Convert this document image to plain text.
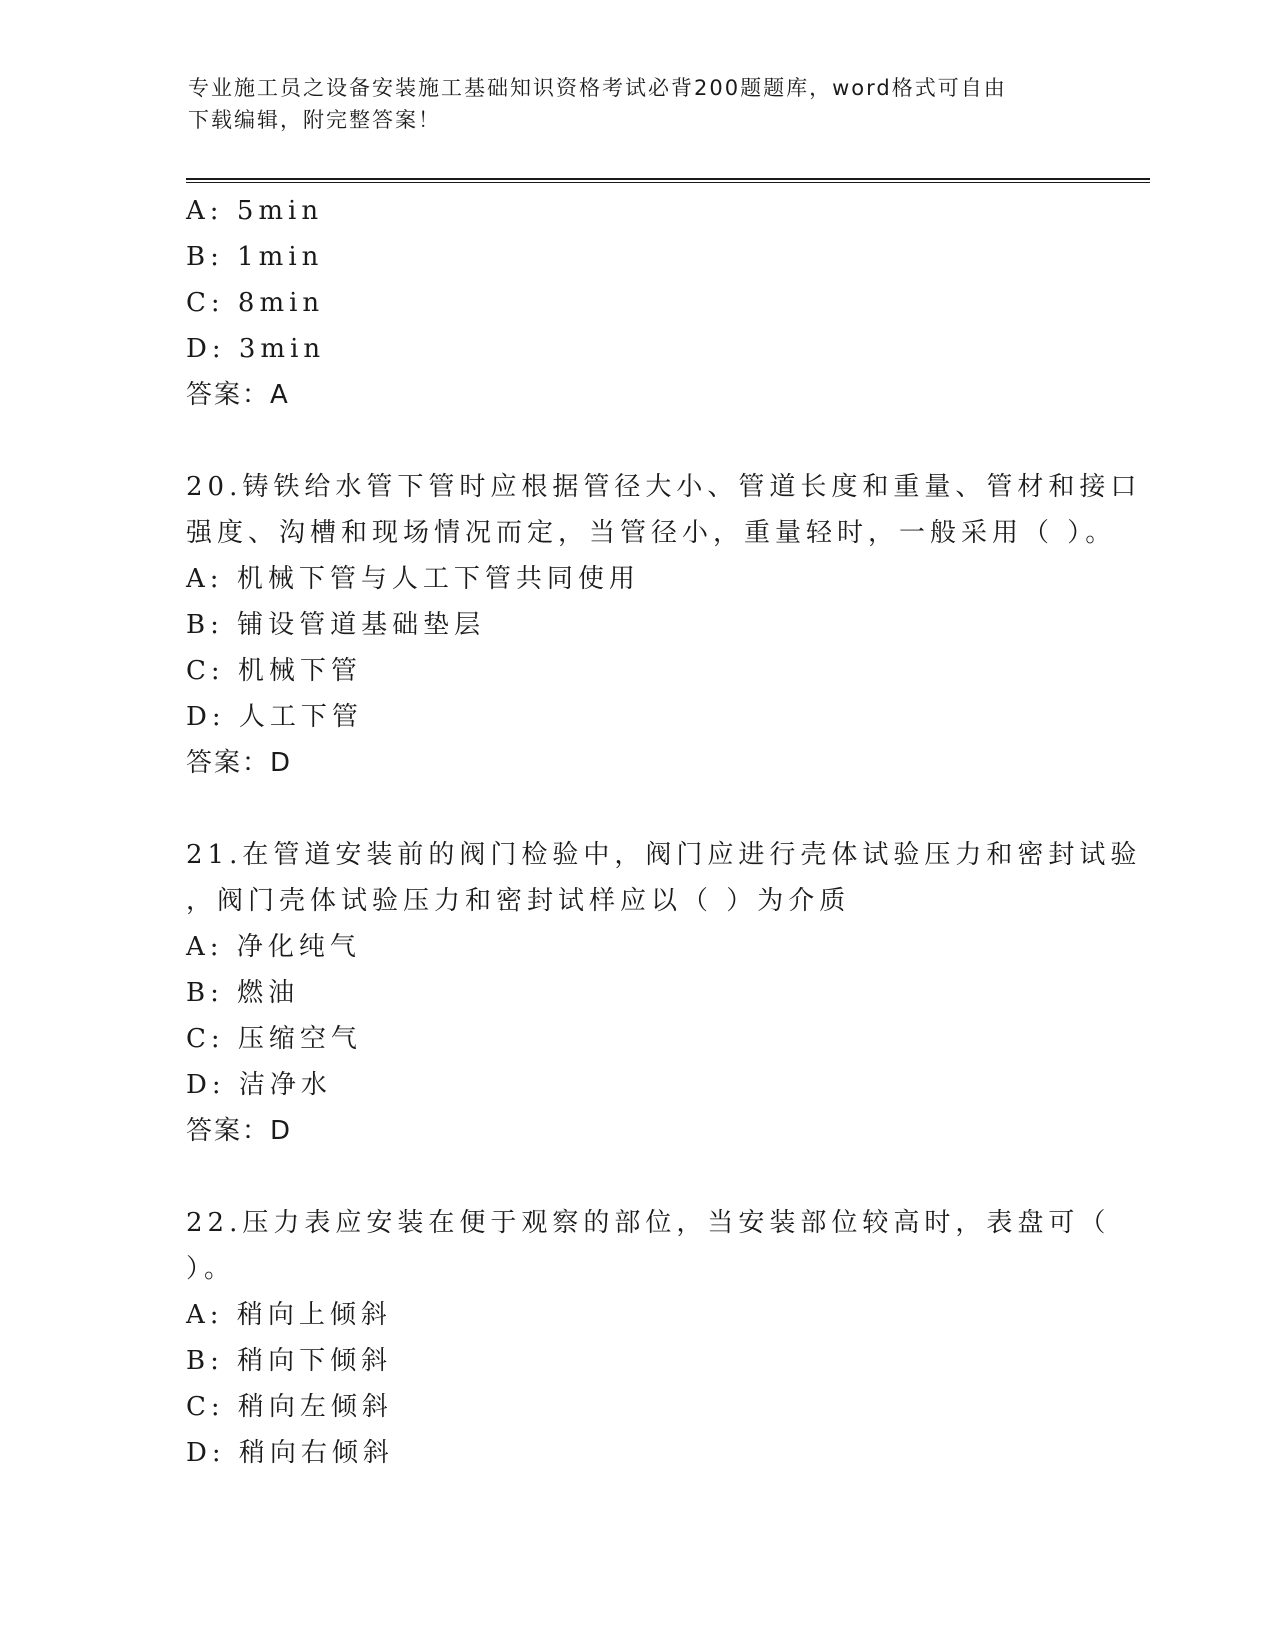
专业施工员之设备安装施工基础知识资格考试必背200题题库，word格式可自由
下载编辑，附完整答案！
A: 5min
B: 1min
C: 8min
D: 3min
答案：A
20.铸铁给水管下管时应根据管径大小、管道长度和重量、管材和接口
强度、沟槽和现场情况而定，当管径小，重量轻时，一般采用（ ）。
A: 机械下管与人工下管共同使用
B: 铺设管道基础垫层
C: 机械下管
D: 人工下管
答案：D
21.在管道安装前的阀门检验中，阀门应进行壳体试验压力和密封试验
，阀门壳体试验压力和密封试样应以（ ）为介质
A: 净化纯气
B: 燃油
C: 压缩空气
D: 洁净水
答案：D
22.压力表应安装在便于观察的部位，当安装部位较高时，表盘可（
）。
A: 稍向上倾斜
B: 稍向下倾斜
C: 稍向左倾斜
D: 稍向右倾斜
